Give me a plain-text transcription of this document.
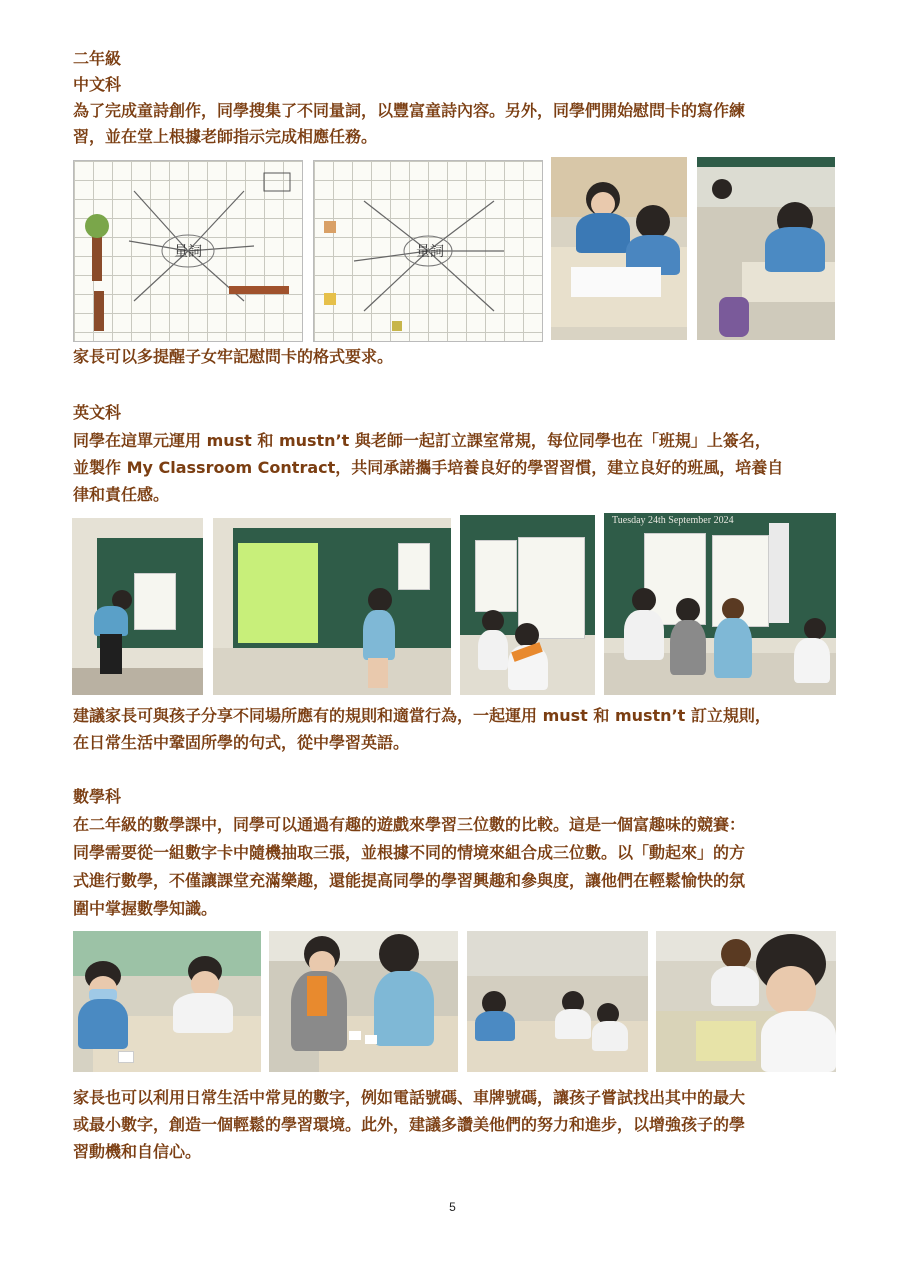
二年級
中文科
為了完成童詩創作，同學搜集了不同量詞，以豐富童詩內容。另外，同學們開始慰問卡的寫作練
習，並在堂上根據老師指示完成相應任務。
量詞	量詞
家長可以多提醒子女牢記慰問卡的格式要求。
英文科
同學在這單元運用 must 和 mustn’t 與老師一起訂立課室常規，每位同學也在「班規」上簽名，
並製作 My Classroom Contract，共同承諾攜手培養良好的學習習慣，建立良好的班風，培養自
律和責任感。
Tuesday 24th September 2024
建議家長可與孩子分享不同場所應有的規則和適當行為，一起運用 must 和 mustn’t 訂立規則，
在日常生活中鞏固所學的句式，從中學習英語。
數學科
在二年級的數學課中，同學可以通過有趣的遊戲來學習三位數的比較。這是一個富趣味的競賽：
同學需要從一組數字卡中隨機抽取三張，並根據不同的情境來組合成三位數。以「動起來」的方
式進行數學，不僅讓課堂充滿樂趣，還能提高同學的學習興趣和參與度，讓他們在輕鬆愉快的氛
圍中掌握數學知識。
家長也可以利用日常生活中常見的數字，例如電話號碼、車牌號碼，讓孩子嘗試找出其中的最大
或最小數字，創造一個輕鬆的學習環境。此外，建議多讚美他們的努力和進步，以增強孩子的學
習動機和自信心。
5
